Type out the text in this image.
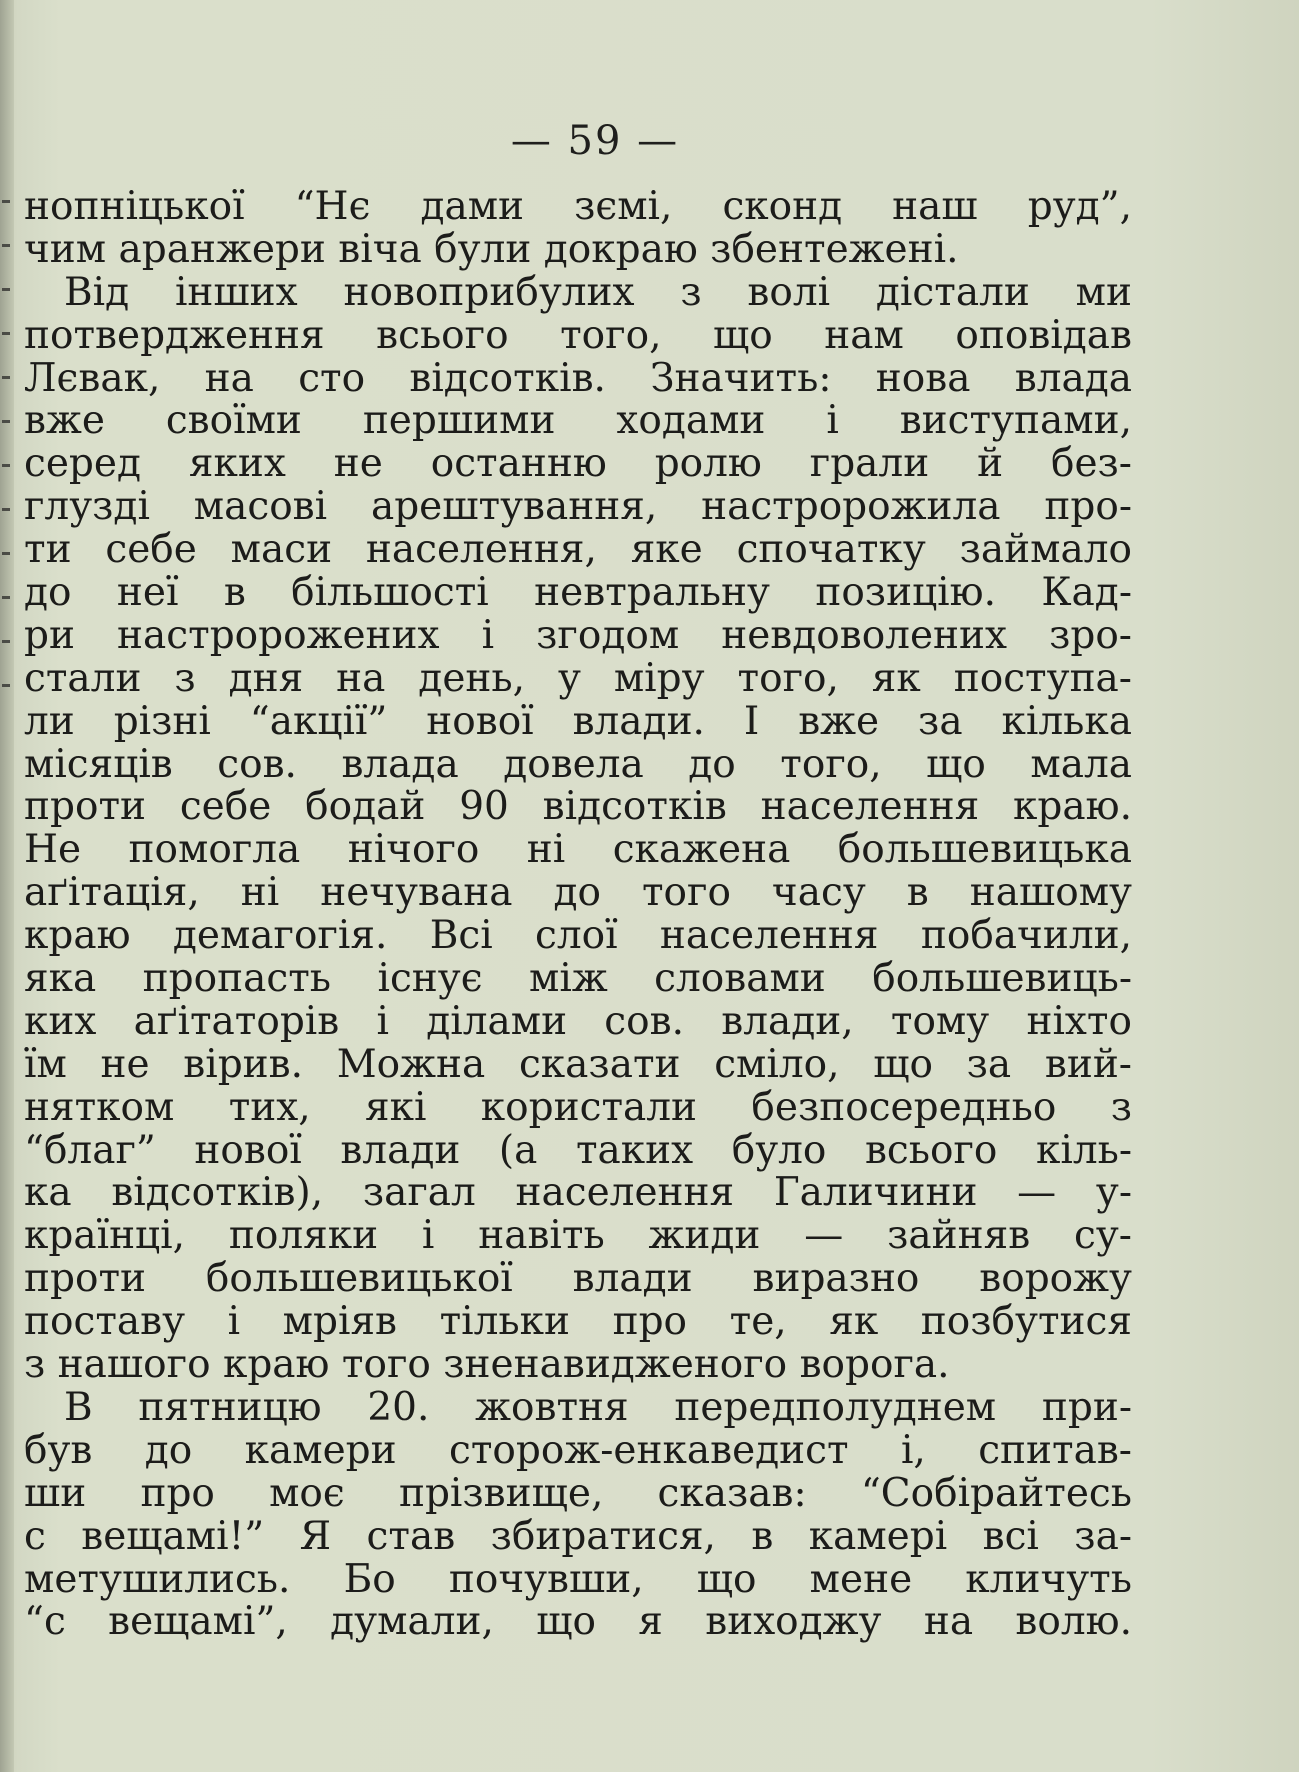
— 59 —
нопніцької “Нє дами зємі, сконд наш руд”,
чим аранжери віча були докраю збентежені.
Від інших новоприбулих з волі дістали ми
потвердження всього того, що нам оповідав
Лєвак, на сто відсотків. Значить: нова влада
вже своїми першими ходами і виступами,
серед яких не останню ролю грали й без-
глузді масові арештування, настророжила про-
ти себе маси населення, яке спочатку займало
до неї в більшості невтральну позицію. Кад-
ри настророжених і згодом невдоволених зро-
стали з дня на день, у міру того, як поступа-
ли різні “акції” нової влади. І вже за кілька
місяців сов. влада довела до того, що мала
проти себе бодай 90 відсотків населення краю.
Не помогла нічого ні скажена большевицька
аґітація, ні нечувана до того часу в нашому
краю демагогія. Всі слої населення побачили,
яка пропасть існує між словами большевиць-
ких аґітаторів і ділами сов. влади, тому ніхто
їм не вірив. Можна сказати сміло, що за вий-
нятком тих, які користали безпосередньо з
“благ” нової влади (а таких було всього кіль-
ка відсотків), загал населення Галичини — у-
країнці, поляки і навіть жиди — зайняв су-
проти большевицької влади виразно ворожу
поставу і мріяв тільки про те, як позбутися
з нашого краю того зненавидженого ворога.
В пятницю 20. жовтня передполуднем при-
був до камери сторож-енкаведист і, спитав-
ши про моє прізвище, сказав: “Собірайтесь
с вещамі!” Я став збиратися, в камері всі за-
метушились. Бо почувши, що мене кличуть
“с вещамі”, думали, що я виходжу на волю.
